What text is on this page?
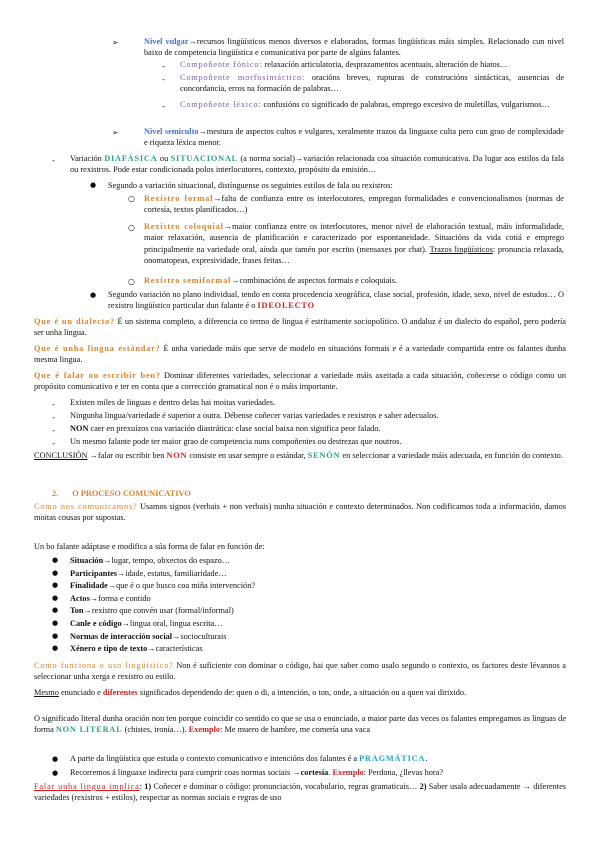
➢	Nivel vulgar→recursos lingüísticos menos diversos e elaborados, formas lingüísticas máis simples. Relacionado cun nivel baixo de competencia lingüística e comunicativa por parte de algúns falantes.
- Compoñente fónico: relaxación articulatoria, desprazamentos acentuais, alteración de hiatos…
- Compoñente morfosintáctico: oracións breves, rupturas de construcións sintácticas, ausencias de concordancia, erros na formación de palabras…
- Compoñente léxico: confusións co significado de palabras, emprego excesivo de muletillas, vulgarismos…
➢	Nivel semiculto→mestura de aspectos cultos e vulgares, xeralmente trazos da linguaxe culta pero cun grao de complexidade e riqueza léxica menor.
- Variación DIAFÁSICA ou SITUACIONAL (a norma social)→variación relacionada coa situación comunicativa. Da lugar aos estilos da fala ou rexistros. Pode estar condicionada polos interlocutores, contexto, propósito da emisión…
● Segundo a variación situacional, distínguense os seguintes estilos de fala ou rexistros:
○ Rexistro formal→falta de confianza entre os interlocutores, empregan formalidades e convencionalismos (normas de cortesía, textos planificados…)
○ Rexistro coloquial→maior confianza entre os interlocutores, menor nivel de elaboración textual, máis informalidade, maior relaxación, ausencia de planificación e caracterizado por espontaneidade. Situacións da vida cotiá e emprego principalmente na variedade oral, aínda que tamén por escrito (mensaxes por chat). Trazos lingüísticos: pronuncia relaxada, onomatopeas, expresividade, frases feitas…
○ Rexistro semiformal→combinacións de aspectos formais e coloquiais.
● Segundo variación no plano individual, tendo en conta procedencia xeográfica, clase social, profesión, idade, sexo, nivel de estudos… O rexistro lingüístico particular dun falante é o IDEOLECTO
Que é un dialecto? É un sistema completo, a diferencia co termo de lingua é estritamente sociopolítico. O andaluz é un dialecto do español, pero podería ser unha lingua.
Que é unha lingua estándar? É unha variedade máis que serve de modelo en situacións formais e é a variedade compartida entre os falantes dunha mesma lingua.
Que é falar ou escribir ben? Dominar diferentes variedades, seleccionar a variedade máis axeitada a cada situación, coñecerse o código como un propósito comunicativo e ter en conta que a corrección gramatical non é o máis importante.
- Existen miles de linguas e dentro delas hai moitas variedades.
- Ningunha lingua/variedade é superior a outra. Débense coñecer varias variedades e rexistros e saber adecualos.
- NON caer en prexuízos coa variación diastrática: clase social baixa non significa peor falado.
- Un mesmo falante pode ter maior grao de competencia nuns compoñentes ou destrezas que noutros.
CONCLUSIÓN →falar ou escribir ben NON consiste en usar sempre o estándar, SENÓN en seleccionar a variedade máis adecuada, en función do contexto.
2. O PROCESO COMUNICATIVO
Como nos comunicamos? Usamos signos (verbais + non verbais) nunha situación e contexto determinados. Non codificamos toda a información, damos moitas cousas por supostas.
Un bo falante adáptase e modifica a súa forma de falar en función de:
● Situación→lugar, tempo, obxectos do espazo…
● Participantes→idade, estatus, familiaridade…
● Finalidade→que é o que busco coa miña intervención?
● Actos→forma e contido
● Ton→rexistro que convén usar (formal/informal)
● Canle e código→lingua oral, lingua escrita…
● Normas de interacción social→socioculturais
● Xénero e tipo de texto→características
Como funciona o uso lingüístico? Non é suficiente con dominar o código, hai que saber como usalo segundo o contexto, os factores deste lévannos a seleccionar unha xerga e rexistro ou estilo.
Mesmo enunciado e diferentes significados dependendo de: quen o di, a intención, o ton, onde, a situación ou a quen vai dirixido.
O significado literal dunha oración non ten porque coincidir co sentido co que se usa o enunciado, a maior parte das veces os falantes empregamos as linguas de forma NON LITERAL (chistes, ironía…). Exemplo: Me muero de hambre, me comería una vaca
● A parte da lingüística que estuda o contexto comunicativo e intencións dos falantes é a PRAGMÁTICA.
● Recorremos á linguaxe indirecta para cumprir coas normas sociais →cortesía. Exemplo: Perdona, ¿llevas hora?
Falar unha lingua implica: 1) Coñecer e dominar o código: pronunciación, vocabulario, regras gramaticais… 2) Saber usala adecuadamente → diferentes variedades (rexistros + estilos), respectar as normas sociais e regras de uso
